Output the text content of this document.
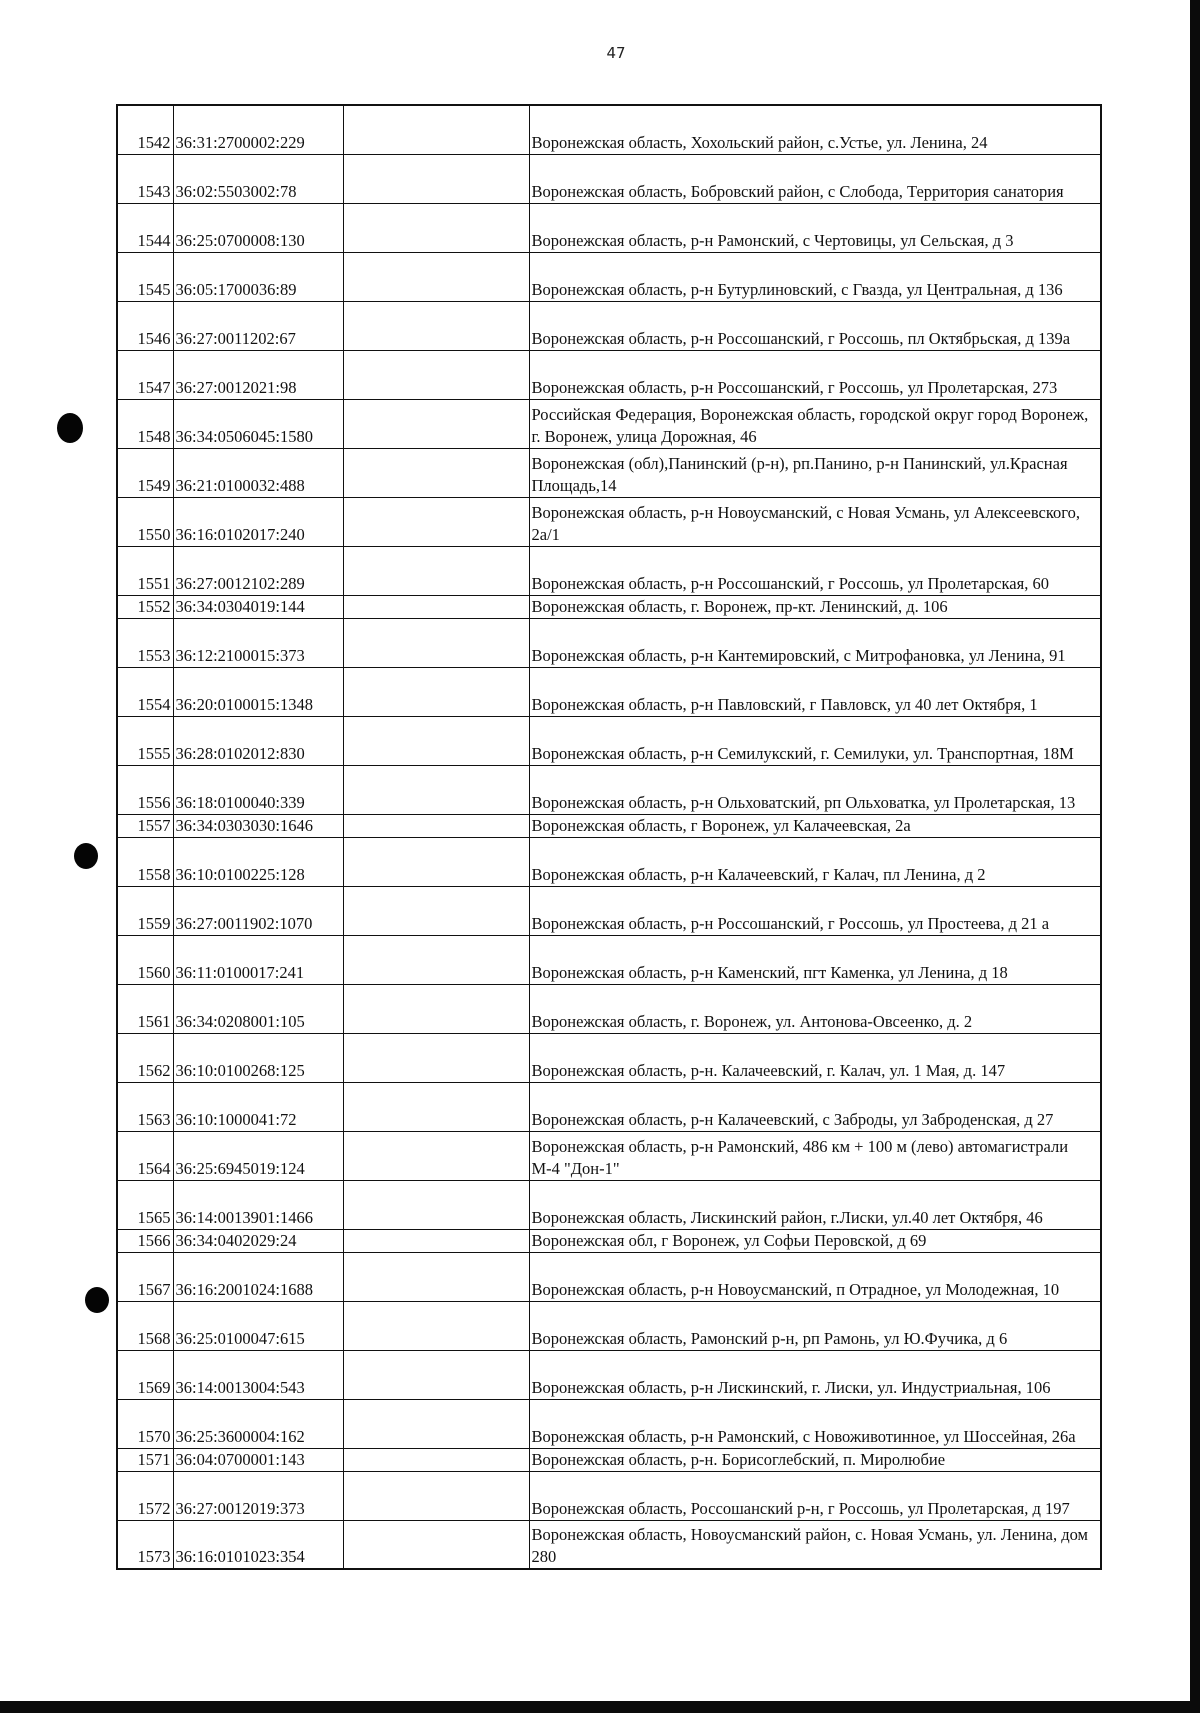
47
1542	36:31:2700002:229		Воронежская область, Хохольский район, с.Устье, ул. Ленина, 24
1543	36:02:5503002:78		Воронежская область, Бобровский район, с Слобода, Территория санатория
1544	36:25:0700008:130		Воронежская область, р-н Рамонский, с Чертовицы, ул Сельская, д 3
1545	36:05:1700036:89		Воронежская область, р-н Бутурлиновский, с Гвазда, ул Центральная, д 136
1546	36:27:0011202:67		Воронежская область, р-н Россошанский, г Россошь, пл Октябрьская, д 139а
1547	36:27:0012021:98		Воронежская область, р-н Россошанский, г Россошь, ул Пролетарская, 273
1548	36:34:0506045:1580		Российская Федерация, Воронежская область, городской округ город Воронеж, г. Воронеж, улица Дорожная, 46
1549	36:21:0100032:488		Воронежская (обл),Панинский (р-н), рп.Панино, р-н Панинский, ул.Красная Площадь,14
1550	36:16:0102017:240		Воронежская область, р-н Новоусманский, с Новая Усмань, ул Алексеевского, 2а/1
1551	36:27:0012102:289		Воронежская область, р-н Россошанский, г Россошь, ул Пролетарская, 60
1552	36:34:0304019:144		Воронежская область, г. Воронеж, пр-кт. Ленинский, д. 106
1553	36:12:2100015:373		Воронежская область, р-н Кантемировский, с Митрофановка, ул Ленина, 91
1554	36:20:0100015:1348		Воронежская область, р-н Павловский, г Павловск, ул 40 лет Октября, 1
1555	36:28:0102012:830		Воронежская область, р-н Семилукский, г. Семилуки, ул. Транспортная, 18М
1556	36:18:0100040:339		Воронежская область, р-н Ольховатский, рп Ольховатка, ул Пролетарская, 13
1557	36:34:0303030:1646		Воронежская область, г Воронеж, ул Калачеевская, 2а
1558	36:10:0100225:128		Воронежская область, р-н Калачеевский, г Калач, пл Ленина, д 2
1559	36:27:0011902:1070		Воронежская область, р-н Россошанский, г Россошь, ул Простеева, д 21 а
1560	36:11:0100017:241		Воронежская область, р-н Каменский, пгт Каменка, ул Ленина, д 18
1561	36:34:0208001:105		Воронежская область, г. Воронеж, ул. Антонова-Овсеенко, д. 2
1562	36:10:0100268:125		Воронежская область, р-н. Калачеевский, г. Калач, ул. 1 Мая, д. 147
1563	36:10:1000041:72		Воронежская область, р-н Калачеевский, с Заброды, ул Заброденская, д 27
1564	36:25:6945019:124		Воронежская область, р-н Рамонский, 486 км + 100 м (лево) автомагистрали М-4 "Дон-1"
1565	36:14:0013901:1466		Воронежская область, Лискинский район, г.Лиски, ул.40 лет Октября, 46
1566	36:34:0402029:24		Воронежская обл, г Воронеж, ул Софьи Перовской, д 69
1567	36:16:2001024:1688		Воронежская область, р-н Новоусманский, п Отрадное, ул Молодежная, 10
1568	36:25:0100047:615		Воронежская область, Рамонский р-н, рп Рамонь, ул Ю.Фучика, д 6
1569	36:14:0013004:543		Воронежская область, р-н Лискинский, г. Лиски, ул. Индустриальная, 106
1570	36:25:3600004:162		Воронежская область, р-н Рамонский, с Новоживотинное, ул Шоссейная, 26а
1571	36:04:0700001:143		Воронежская область, р-н. Борисоглебский, п. Миролюбие
1572	36:27:0012019:373		Воронежская область, Россошанский р-н, г Россошь, ул Пролетарская, д 197
1573	36:16:0101023:354		Воронежская область, Новоусманский район, с. Новая Усмань, ул. Ленина, дом 280
